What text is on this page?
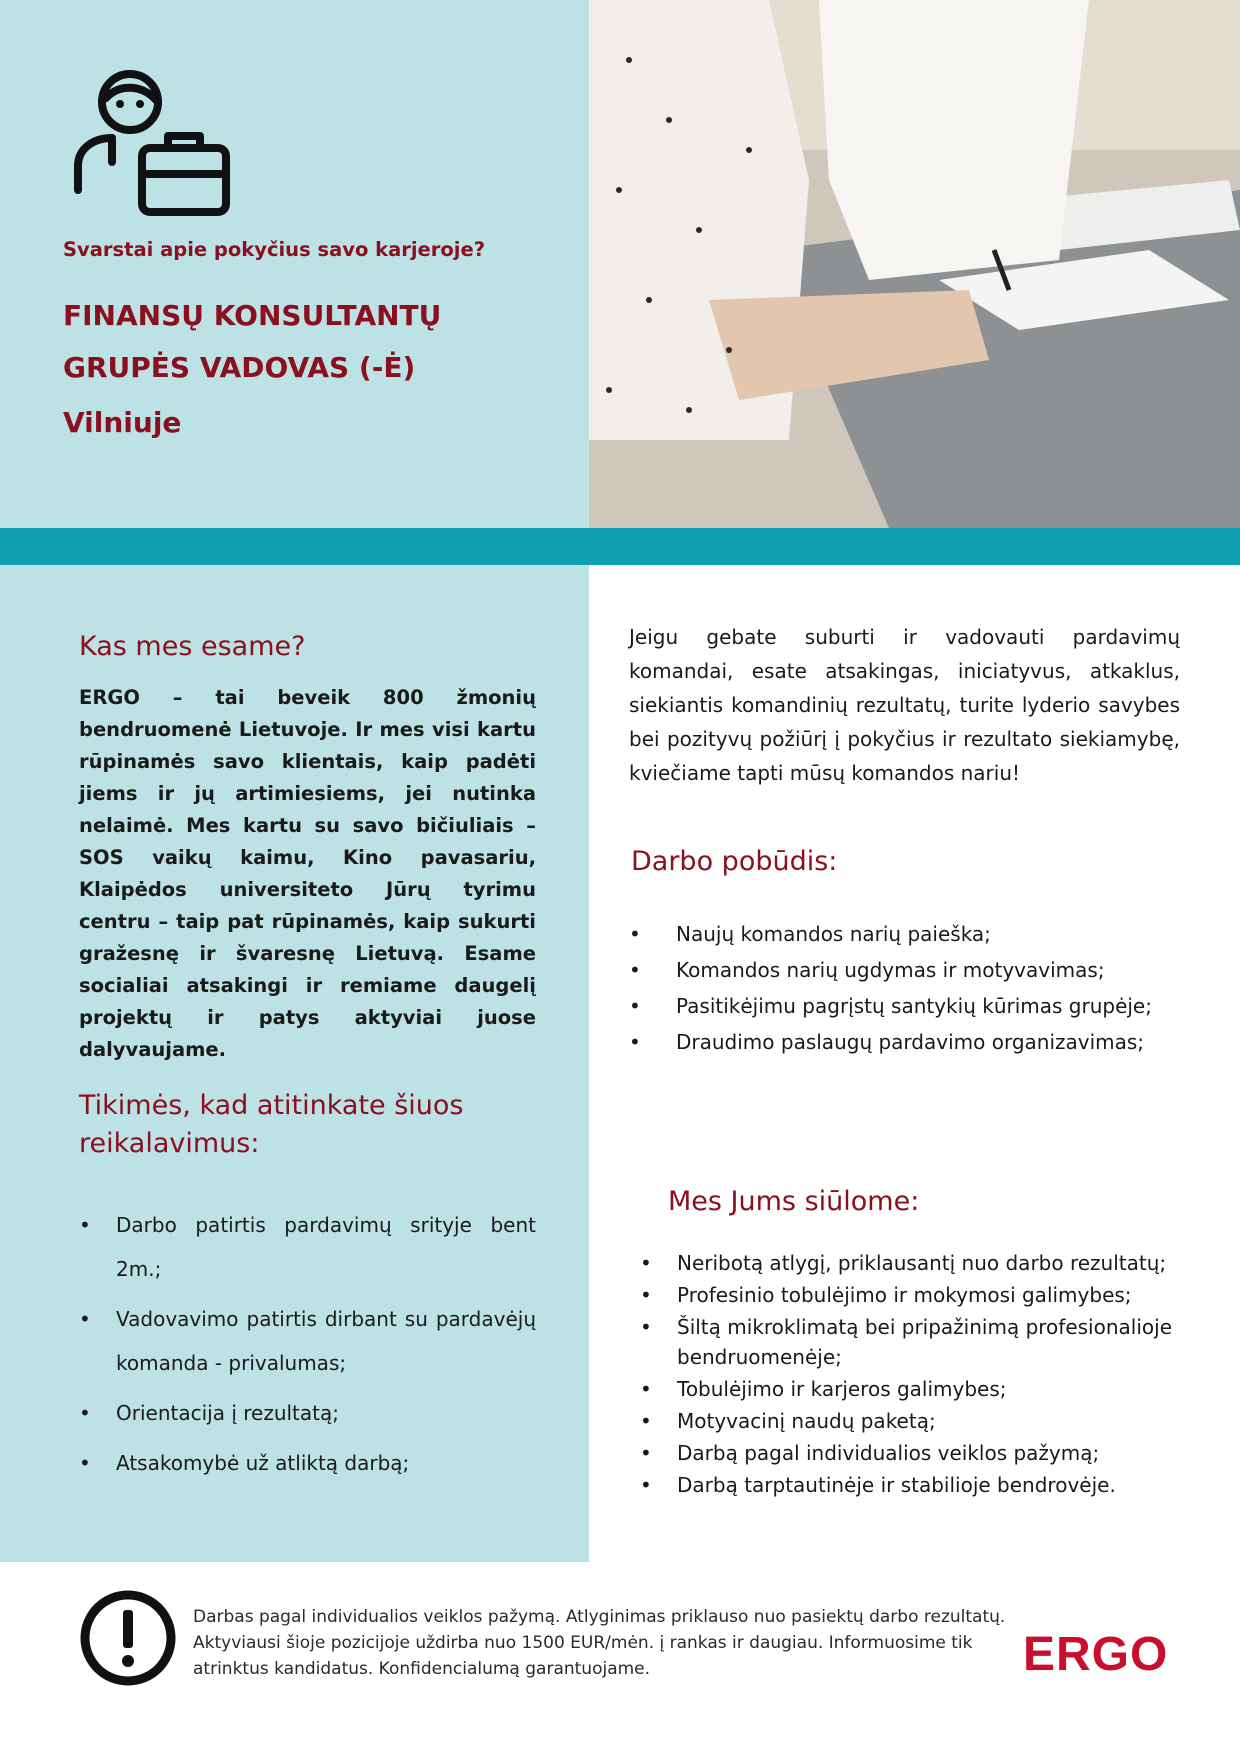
Svarstai apie pokyčius savo karjeroje?
FINANSŲ KONSULTANTŲ
GRUPĖS VADOVAS (-Ė)
Vilniuje
Kas mes esame?
ERGO – tai beveik 800 žmonių bendruomenė Lietuvoje. Ir mes visi kartu rūpinamės savo klientais, kaip padėti jiems ir jų artimiesiems, jei nutinka nelaimė. Mes kartu su savo bičiuliais – SOS vaikų kaimu, Kino pavasariu, Klaipėdos universiteto Jūrų tyrimu centru – taip pat rūpinamės, kaip sukurti gražesnę ir švaresnę Lietuvą. Esame socialiai atsakingi ir remiame daugelį projektų ir patys aktyviai juose dalyvaujame.
Tikimės, kad atitinkate šiuos
reikalavimus:
• Darbo patirtis pardavimų srityje bent 2m.;
• Vadovavimo patirtis dirbant su pardavėjų komanda - privalumas;
• Orientacija į rezultatą;
• Atsakomybė už atliktą darbą;
Jeigu gebate suburti ir vadovauti pardavimų komandai, esate atsakingas, iniciatyvus, atkaklus, siekiantis komandinių rezultatų, turite lyderio savybes bei pozityvų požiūrį į pokyčius ir rezultato siekiamybę, kviečiame tapti mūsų komandos nariu!
Darbo pobūdis:
• Naujų komandos narių paieška;
• Komandos narių ugdymas ir motyvavimas;
• Pasitikėjimu pagrįstų santykių kūrimas grupėje;
• Draudimo paslaugų pardavimo organizavimas;
Mes Jums siūlome:
• Neribotą atlygį, priklausantį nuo darbo rezultatų;
• Profesinio tobulėjimo ir mokymosi galimybes;
• Šiltą mikroklimatą bei pripažinimą profesionalioje bendruomenėje;
• Tobulėjimo ir karjeros galimybes;
• Motyvacinį naudų paketą;
• Darbą pagal individualios veiklos pažymą;
• Darbą tarptautinėje ir stabilioje bendrovėje.
Darbas pagal individualios veiklos pažymą. Atlyginimas priklauso nuo pasiektų darbo rezultatų. Aktyviausi šioje pozicijoje uždirba nuo 1500 EUR/mėn. į rankas ir daugiau. Informuosime tik atrinktus kandidatus. Konfidencialumą garantuojame.	ERGO
